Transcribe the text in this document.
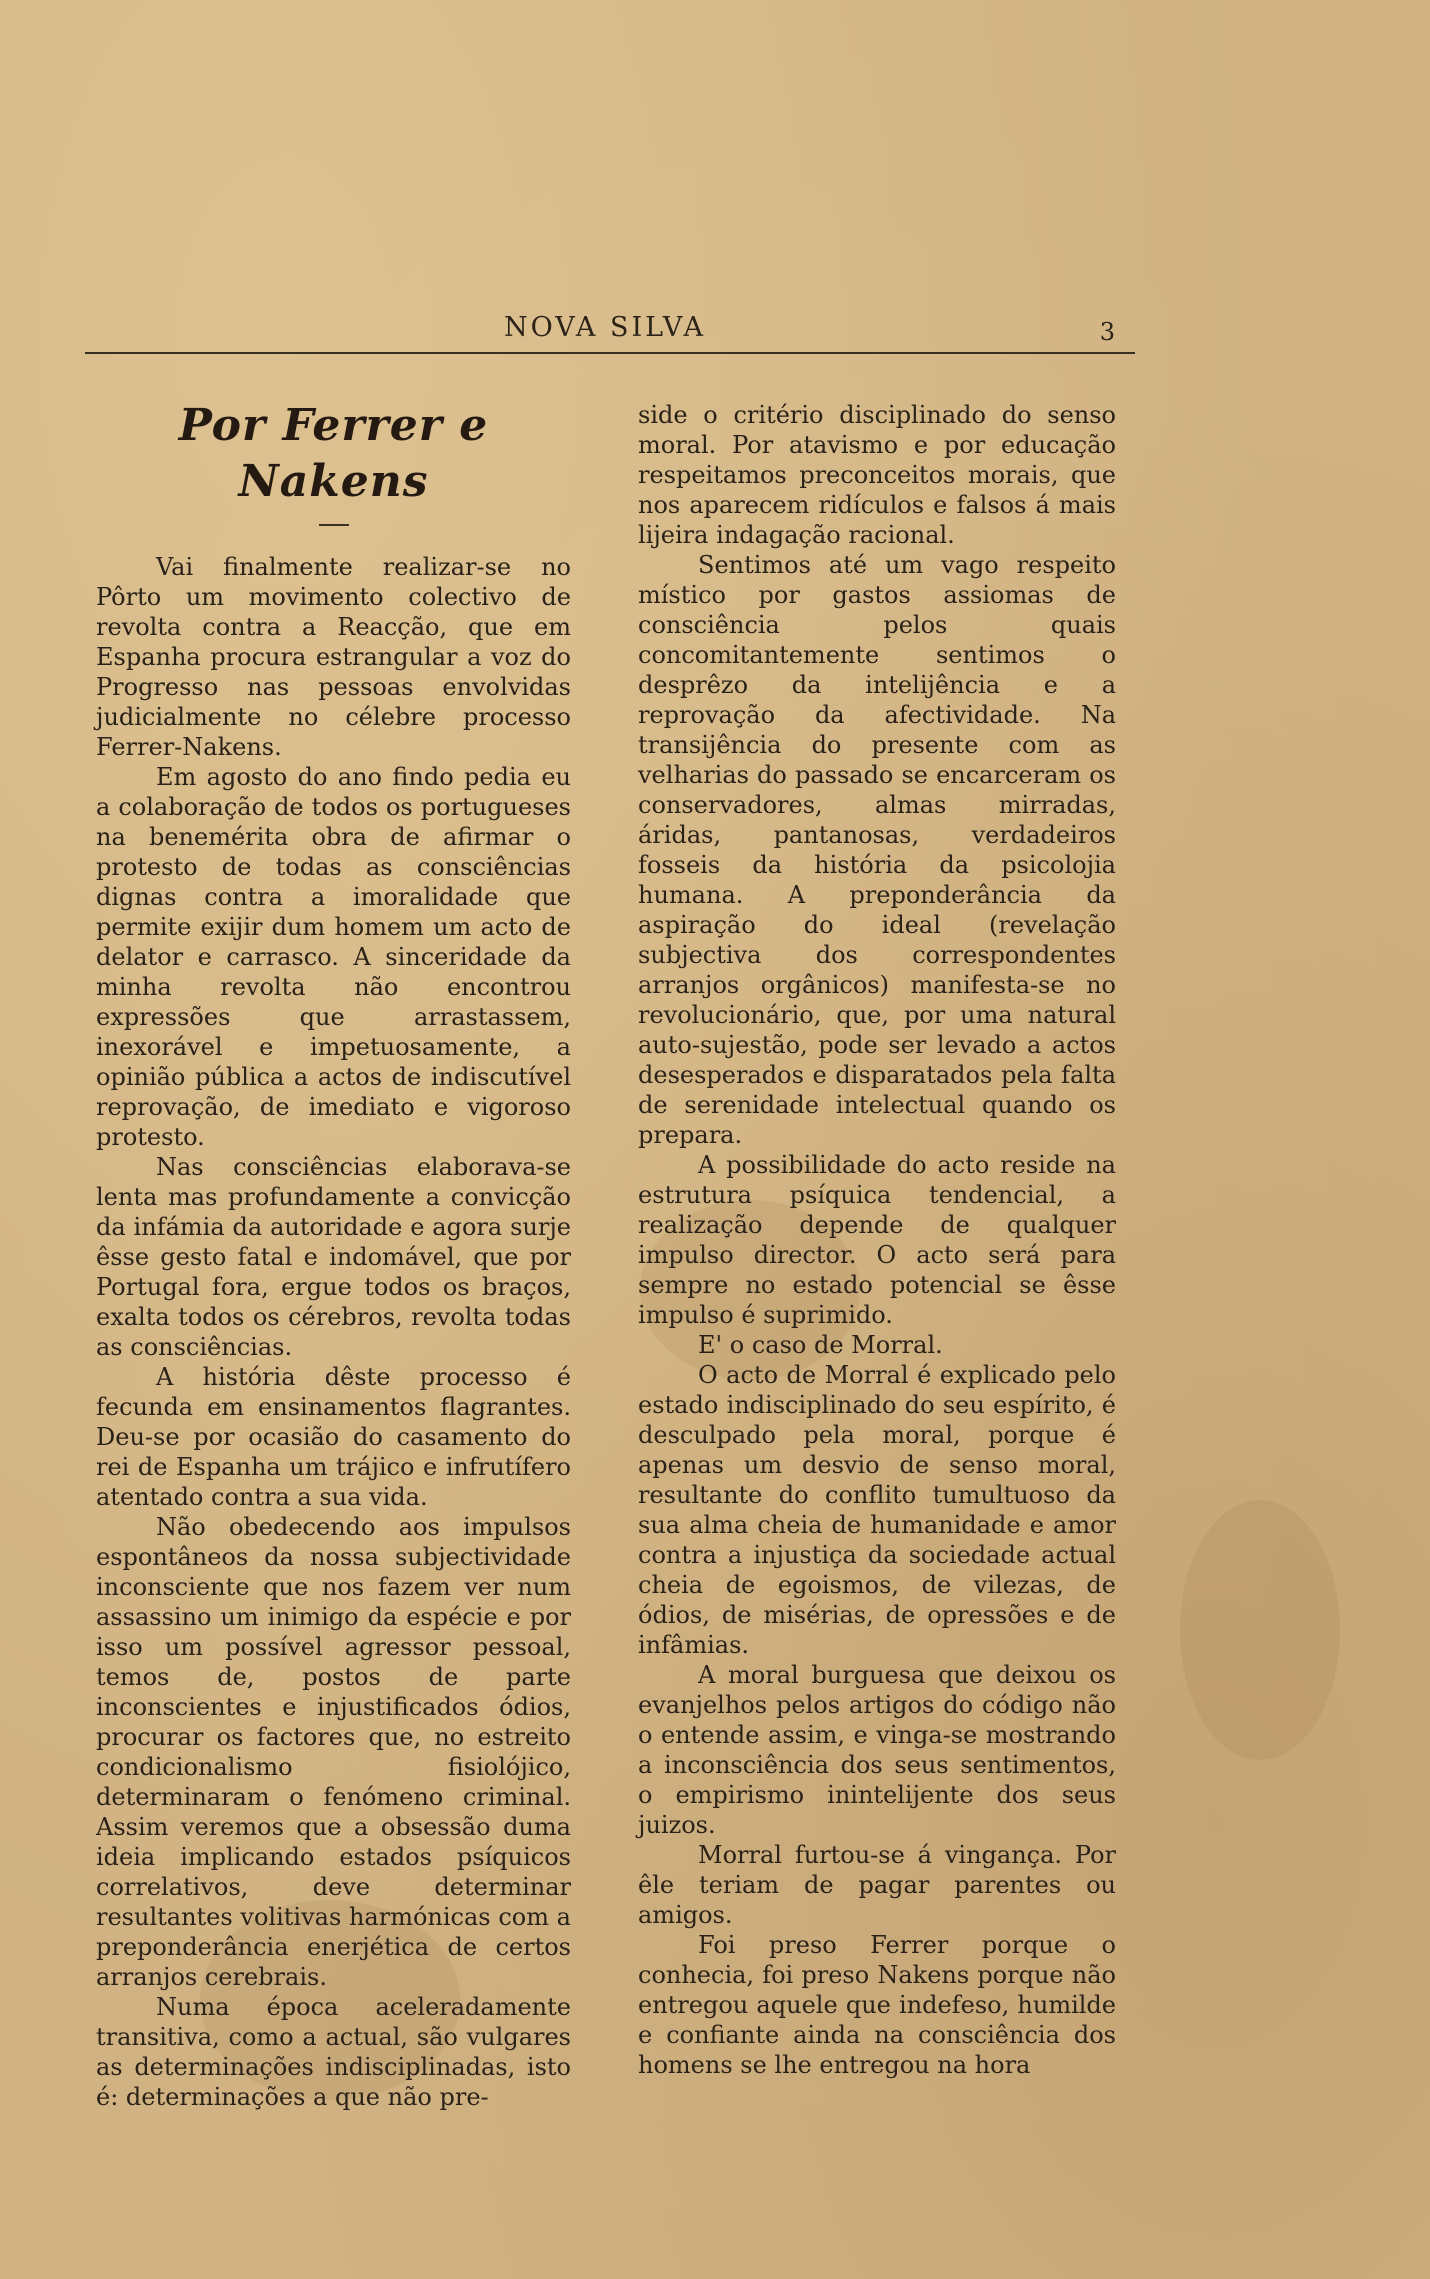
NOVA SILVA	3
Por Ferrer e Nakens

Vai finalmente realizar-se no Pôrto um movimento colectivo de revolta contra a Reacção, que em Espanha procura estrangular a voz do Progresso nas pessoas envolvidas judicialmente no célebre processo Ferrer-Nakens.

Em agosto do ano findo pedia eu a colaboração de todos os portugueses na benemérita obra de afirmar o protesto de todas as consciências dignas contra a imoralidade que permite exijir dum homem um acto de delator e carrasco. A sinceridade da minha revolta não encontrou expressões que arrastassem, inexorável e impetuosamente, a opinião pública a actos de indiscutível reprovação, de imediato e vigoroso protesto.

Nas consciências elaborava-se lenta mas profundamente a convicção da infámia da autoridade e agora surje êsse gesto fatal e indomável, que por Portugal fora, ergue todos os braços, exalta todos os cérebros, revolta todas as consciências.

A história dêste processo é fecunda em ensinamentos flagrantes. Deu-se por ocasião do casamento do rei de Espanha um trájico e infrutífero atentado contra a sua vida.

Não obedecendo aos impulsos espontâneos da nossa subjectividade inconsciente que nos fazem ver num assassino um inimigo da espécie e por isso um possível agressor pessoal, temos de, postos de parte inconscientes e injustificados ódios, procurar os factores que, no estreito condicionalismo fisiolójico, determinaram o fenómeno criminal. Assim veremos que a obsessão duma ideia implicando estados psíquicos correlativos, deve determinar resultantes volitivas harmónicas com a preponderância enerjética de certos arranjos cerebrais.

Numa época aceleradamente transitiva, como a actual, são vulgares as determinações indisciplinadas, isto é: determinações a que não pre-

side o critério disciplinado do senso moral. Por atavismo e por educação respeitamos preconceitos morais, que nos aparecem ridículos e falsos á mais lijeira indagação racional.

Sentimos até um vago respeito místico por gastos assiomas de consciência pelos quais concomitantemente sentimos o desprêzo da intelijência e a reprovação da afectividade. Na transijência do presente com as velharias do passado se encarceram os conservadores, almas mirradas, áridas, pantanosas, verdadeiros fosseis da história da psicolojia humana. A preponderância da aspiração do ideal (revelação subjectiva dos correspondentes arranjos orgânicos) manifesta-se no revolucionário, que, por uma natural auto-sujestão, pode ser levado a actos desesperados e disparatados pela falta de serenidade intelectual quando os prepara.

A possibilidade do acto reside na estrutura psíquica tendencial, a realização depende de qualquer impulso director. O acto será para sempre no estado potencial se êsse impulso é suprimido.

E' o caso de Morral.

O acto de Morral é explicado pelo estado indisciplinado do seu espírito, é desculpado pela moral, porque é apenas um desvio de senso moral, resultante do conflito tumultuoso da sua alma cheia de humanidade e amor contra a injustiça da sociedade actual cheia de egoismos, de vilezas, de ódios, de misérias, de opressões e de infâmias.

A moral burguesa que deixou os evanjelhos pelos artigos do código não o entende assim, e vinga-se mostrando a inconsciência dos seus sentimentos, o empirismo inintelijente dos seus juizos.

Morral furtou-se á vingança. Por êle teriam de pagar parentes ou amigos.

Foi preso Ferrer porque o conhecia, foi preso Nakens porque não entregou aquele que indefeso, humilde e confiante ainda na consciência dos homens se lhe entregou na hora
